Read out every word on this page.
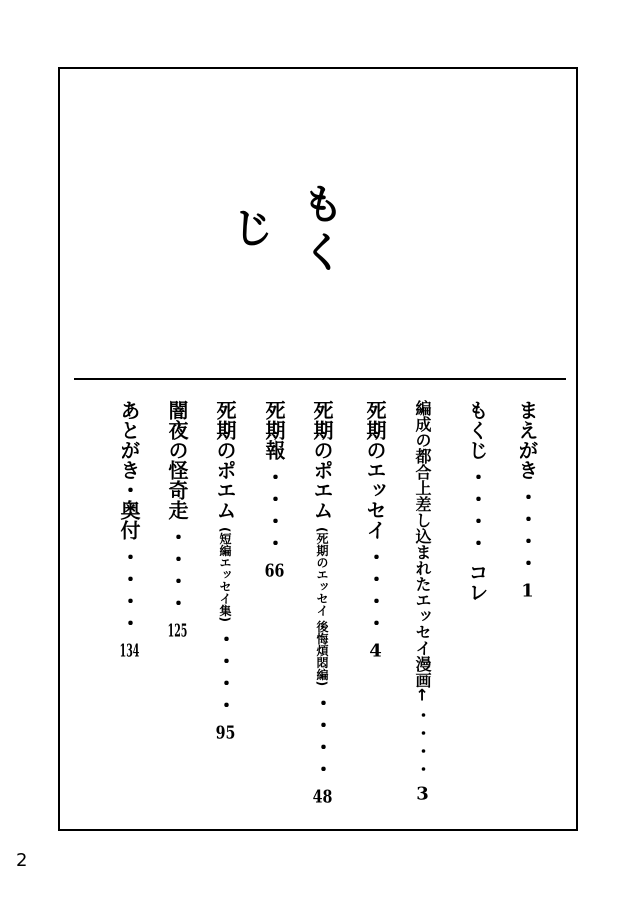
もくじ
まえがき ・・・・ 1
もくじ ・・・・ コレ
編成の都合上差し込まれたエッセイ漫画← ・・・・ 3
死期のエッセイ ・・・・ 4
死期のポエム (死期のエッセイ 後悔煩悶編) ・・・・ 48
死期報 ・・・・ 66
死期のポエム (短編エッセイ集) ・・・・ 95
闇夜の怪奇走 ・・・・ 125
あとがき・奥付 ・・・・ 134
2
